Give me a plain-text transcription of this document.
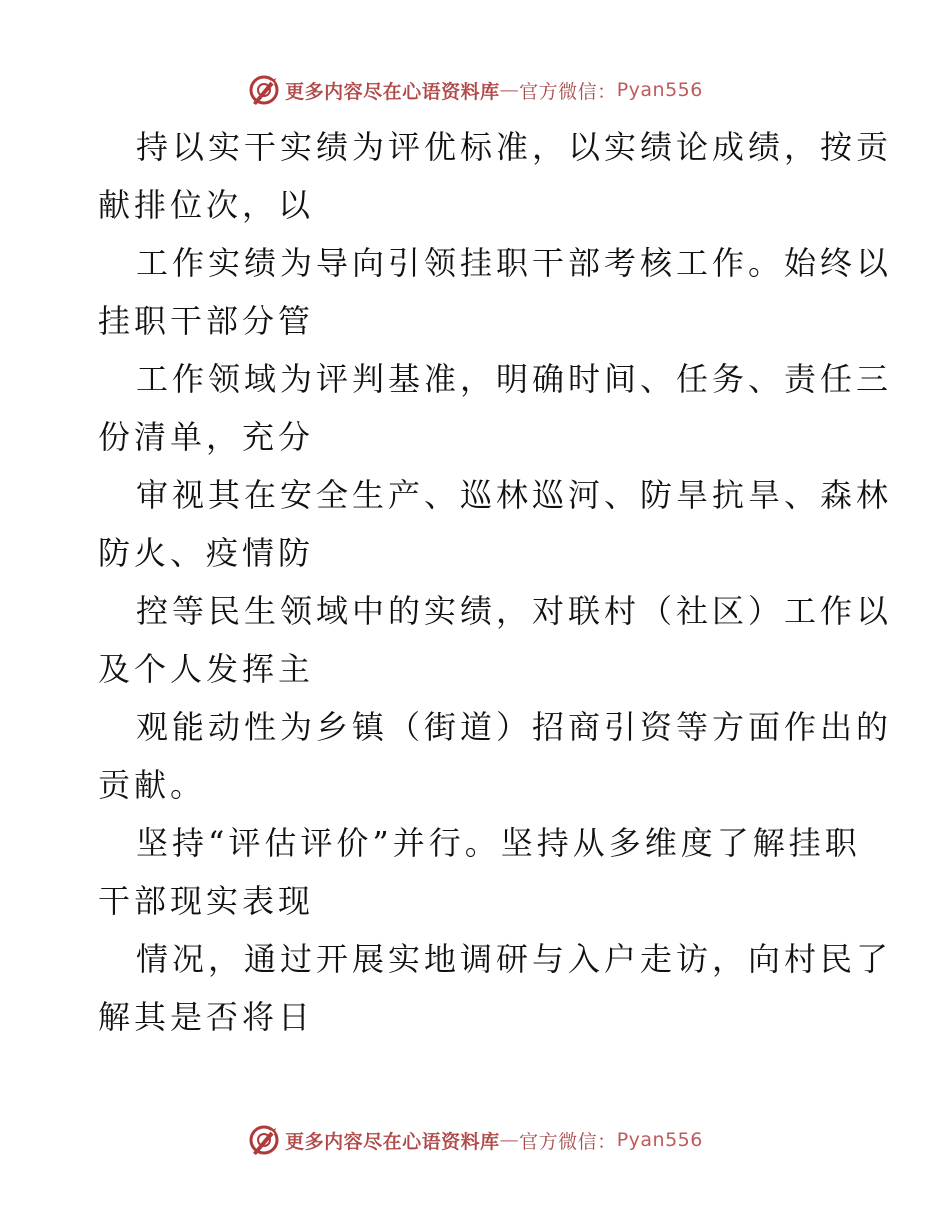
更多内容尽在心语资料库 — 官方微信： Pyan556

持以实干实绩为评优标准，以实绩论成绩，按贡
献排位次，以

工作实绩为导向引领挂职干部考核工作。始终以
挂职干部分管

工作领域为评判基准，明确时间、任务、责任三
份清单，充分

审视其在安全生产、巡林巡河、防旱抗旱、森林
防火、疫情防

控等民生领域中的实绩，对联村（社区）工作以
及个人发挥主

观能动性为乡镇（街道）招商引资等方面作出的
贡献。

坚持“评估评价”并行。坚持从多维度了解挂职
干部现实表现

情况，通过开展实地调研与入户走访，向村民了
解其是否将日

更多内容尽在心语资料库 — 官方微信： Pyan556
